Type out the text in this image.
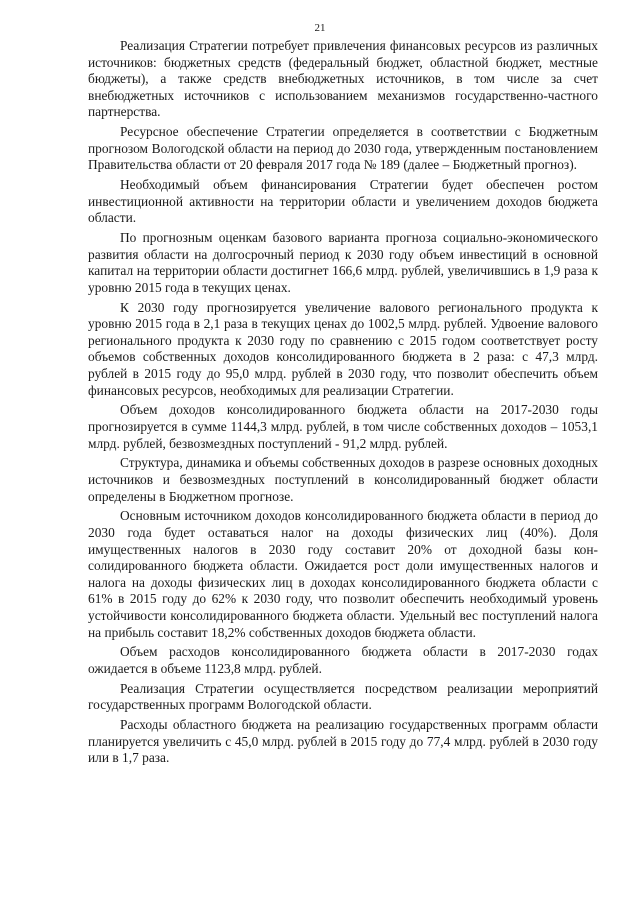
21

Реализация Стратегии потребует привлечения финансовых ресурсов из различных источников: бюджетных средств (федеральный бюджет, областной бюджет, местные бюджеты), а также средств внебюджетных источников, в том числе за счет внебюджетных источников с использованием механизмов государственно-частного партнерства.

Ресурсное обеспечение Стратегии определяется в соответствии с Бюджетным прогнозом Вологодской области на период до 2030 года, утвержденным постановлением Правительства области от 20 февраля 2017 года № 189 (далее – Бюджетный прогноз).

Необходимый объем финансирования Стратегии будет обеспечен ростом инвестиционной активности на территории области и увеличением доходов бюджета области.

По прогнозным оценкам базового варианта прогноза социально-экономического развития области на долгосрочный период к 2030 году объем инвестиций в основной капитал на территории области достигнет 166,6 млрд. рублей, увеличившись в 1,9 раза к уровню 2015 года в текущих ценах.

К 2030 году прогнозируется увеличение валового регионального продукта к уровню 2015 года в 2,1 раза в текущих ценах до 1002,5 млрд. рублей. Удвоение валового регионального продукта к 2030 году по сравнению с 2015 годом соответствует росту объемов собственных доходов консолидированного бюджета в 2 раза: с 47,3 млрд. рублей в 2015 году до 95,0 млрд. рублей в 2030 году, что позволит обеспечить объем финансовых ресурсов, необходимых для реализации Стратегии.

Объем доходов консолидированного бюджета области на 2017-2030 годы прогнозируется в сумме 1144,3 млрд. рублей, в том числе собственных доходов – 1053,1 млрд. рублей, безвозмездных поступлений - 91,2 млрд. рублей.

Структура, динамика и объемы собственных доходов в разрезе основных доходных источников и безвозмездных поступлений в консолидированный бюджет области определены в Бюджетном прогнозе.

Основным источником доходов консолидированного бюджета области в период до 2030 года будет оставаться налог на доходы физических лиц (40%). Доля имущественных налогов в 2030 году составит 20% от доходной базы консолидированного бюджета области. Ожидается рост доли имущественных налогов и налога на доходы физических лиц в доходах консолидированного бюджета области с 61% в 2015 году до 62% к 2030 году, что позволит обеспечить необходимый уровень устойчивости консолидированного бюджета области. Удельный вес поступлений налога на прибыль составит 18,2% собственных доходов бюджета области.

Объем расходов консолидированного бюджета области в 2017-2030 годах ожидается в объеме 1123,8 млрд. рублей.

Реализация Стратегии осуществляется посредством реализации мероприятий государственных программ Вологодской области.

Расходы областного бюджета на реализацию государственных программ области планируется увеличить с 45,0 млрд. рублей в 2015 году до 77,4 млрд. рублей в 2030 году или в 1,7 раза.
